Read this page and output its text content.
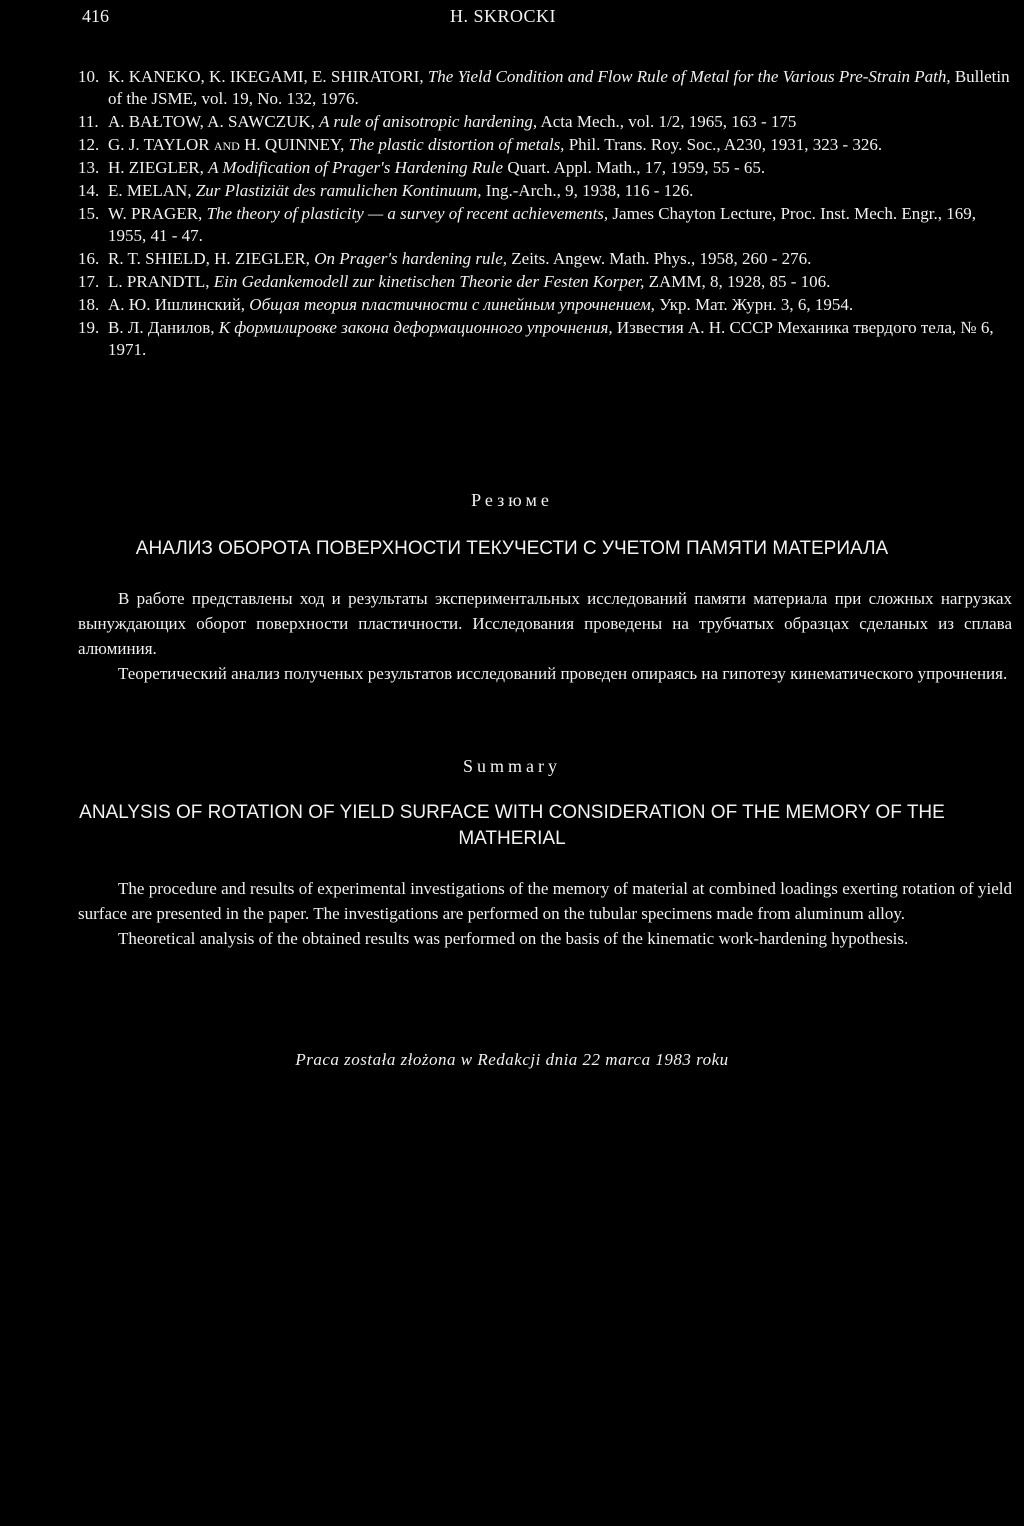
416	H. SKROCKI
10. K. KANEKO, K. IKEGAMI, E. SHIRATORI, The Yield Condition and Flow Rule of Metal for the Various Pre-Strain Path, Bulletin of the JSME, vol. 19, No. 132, 1976.
11. A. BAŁTOW, A. SAWCZUK, A rule of anisotropic hardening, Acta Mech., vol. 1/2, 1965, 163 - 175
12. G. J. TAYLOR and H. QUINNEY, The plastic distortion of metals, Phil. Trans. Roy. Soc., A230, 1931, 323 - 326.
13. H. ZIEGLER, A Modification of Prager's Hardening Rule Quart. Appl. Math., 17, 1959, 55 - 65.
14. E. MELAN, Zur Plastiziät des ramulichen Kontinuum, Ing.-Arch., 9, 1938, 116 - 126.
15. W. PRAGER, The theory of plasticity — a survey of recent achievements, James Chayton Lecture, Proc. Inst. Mech. Engr., 169, 1955, 41 - 47.
16. R. T. SHIELD, H. ZIEGLER, On Prager's hardening rule, Zeits. Angew. Math. Phys., 1958, 260 - 276.
17. L. PRANDTL, Ein Gedankemodell zur kinetischen Theorie der Festen Korper, ZAMM, 8, 1928, 85 - 106.
18. А. Ю. Ишлинский, Общая теория пластичности с линейным упрочнением, Укр. Мат. Журн. 3, 6, 1954.
19. В. Л. Данилов, К формилировке закона деформационного упрочнения, Известия А. Н. СССР Механика твердого тела, № 6, 1971.
Резюме
АНАЛИЗ ОБОРОТА ПОВЕРХНОСТИ ТЕКУЧЕСТИ С УЧЕТОМ ПАМЯТИ МАТЕРИАЛА

В работе представлены ход и результаты экспериментальных исследований памяти материала при сложных нагрузках вынуждающих оборот поверхности пластичности. Исследования проведены на трубчатых образцах сделаных из сплава алюминия.

Теоретический анализ полученых результатов исследований проведен опираясь на гипотезу кинематического упрочнения.

Summary
ANALYSIS OF ROTATION OF YIELD SURFACE WITH CONSIDERATION OF THE MEMORY OF THE MATHERIAL

The procedure and results of experimental investigations of the memory of material at combined loadings exerting rotation of yield surface are presented in the paper. The investigations are performed on the tubular specimens made from aluminum alloy.

Theoretical analysis of the obtained results was performed on the basis of the kinematic work-hardening hypothesis.

Praca została złożona w Redakcji dnia 22 marca 1983 roku
